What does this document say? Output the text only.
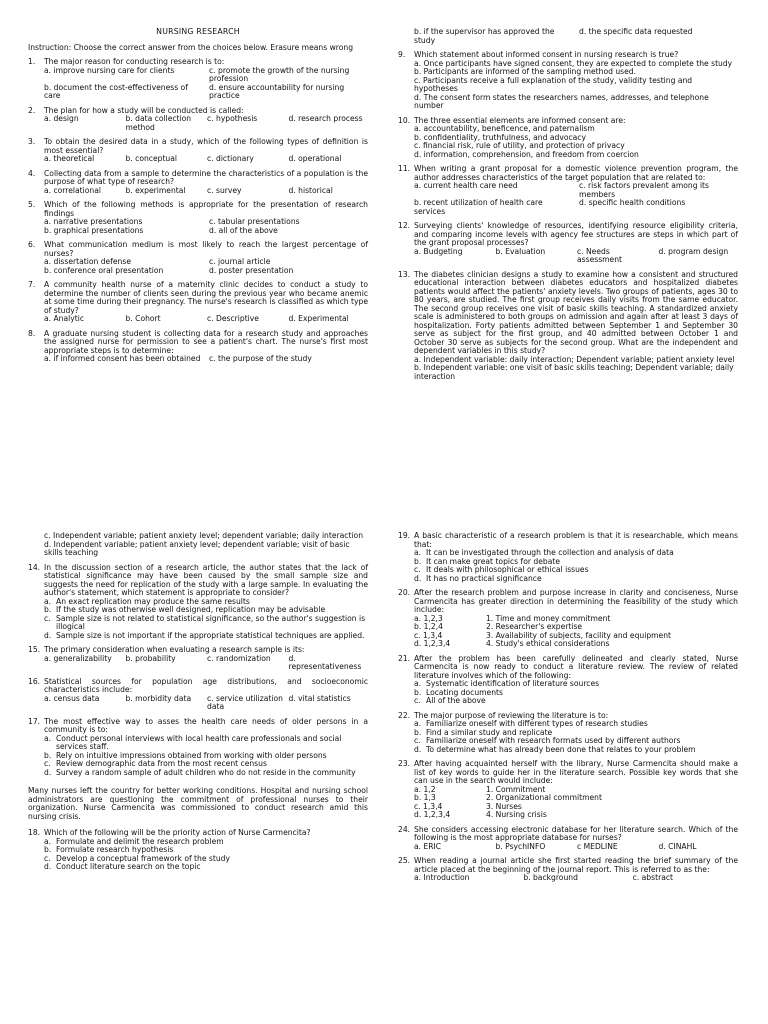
NURSING RESEARCH
Instruction: Choose the correct answer from the choices below. Erasure means wrong
1.	The major reason for conducting research is to:
a. improve nursing care for clients	c. promote the growth of the nursing profession
b. document the cost-effectiveness of care
d. ensure accountability for nursing practice
2.	The plan for how a study will be conducted is called:
a. design	b. data collection method
c. hypothesis	d. research process
3.	To obtain the desired data in a study, which of the following types of definition is most essential?
a. theoretical	b. conceptual	c. dictionary	d. operational
4.	Collecting data from a sample to determine the characteristics of a population is the purpose of what type of research?
a. correlational	b. experimental	c. survey	d. historical
5.	Which of the following methods is appropriate for the presentation of research findings
a. narrative presentations	c. tabular presentations
b. graphical presentations	d. all of the above
6.	What communication medium is most likely to reach the largest percentage of nurses?
a. dissertation defense	c. journal article
b. conference oral presentation	d. poster presentation
7.	A community health nurse of a maternity clinic decides to conduct a study to determine the number of clients seen during the previous year who became anemic at some time during their pregnancy. The nurse's research is classified as which type of study?
a. Analytic	b. Cohort	c. Descriptive	d. Experimental
8.	A graduate nursing student is collecting data for a research study and approaches the assigned nurse for permission to see a patient's chart. The nurse's first most appropriate steps is to determine:
a. if informed consent has been obtained	c. the purpose of the study
b. if the supervisor has approved the study
d. the specific data requested
9.	Which statement about informed consent in nursing research is true?
a. Once participants have signed consent, they are expected to complete the study
b. Participants are informed of the sampling method used.
c. Participants receive a full explanation of the study, validity testing and hypotheses
d. The consent form states the researchers names, addresses, and telephone number
10. The three essential elements are informed consent are:
a. accountability, beneficence, and paternalism
b. confidentiality, truthfulness, and advocacy
c. financial risk, rule of utility, and protection of privacy
d. information, comprehension, and freedom from coercion
11. When writing a grant proposal for a domestic violence prevention program, the author addresses characteristics of the target population that are related to:
a. current health care need	c. risk factors prevalent among its members
b. recent utilization of health care services
d. specific health conditions
12. Surveying clients' knowledge of resources, identifying resource eligibility criteria, and comparing income levels with agency fee structures are steps in which part of the grant proposal processes?
a. Budgeting	b. Evaluation	c. Needs assessment
d. program design
13. The diabetes clinician designs a study to examine how a consistent and structured educational interaction between diabetes educators and hospitalized diabetes patients would affect the patients' anxiety levels. Two groups of patients, ages 30 to 80 years, are studied. The first group receives daily visits from the same educator. The second group receives one visit of basic skills teaching. A standardized anxiety scale is administered to both groups on admission and again after at least 3 days of hospitalization. Forty patients admitted between September 1 and September 30 serve as subject for the first group, and 40 admitted between October 1 and October 30 serve as subjects for the second group. What are the independent and dependent variables in this study?
a. Independent variable: daily interaction; Dependent variable; patient anxiety level
b. Independent variable: one visit of basic skills teaching; Dependent variable; daily interaction
c. Independent variable; patient anxiety level; dependent variable; daily interaction
d. Independent variable; patient anxiety level; dependent variable; visit of basic skills teaching
14. In the discussion section of a research article, the author states that the lack of statistical significance may have been caused by the small sample size and suggests the need for replication of the study with a large sample. In evaluating the author's statement, which statement is appropriate to consider?
a. An exact replication may produce the same results
b. If the study was otherwise well designed, replication may be advisable
c. Sample size is not related to statistical significance, so the author's suggestion is illogical
d. Sample size is not important if the appropriate statistical techniques are applied.
15. The primary consideration when evaluating a research sample is its:
a. generalizability	b. probability	c. randomization	d. representativeness
16. Statistical sources for population age distributions, and socioeconomic characteristics include:
a. census data	b. morbidity data	c. service utilization data
d. vital statistics
17. The most effective way to asses the health care needs of older persons in a community is to:
a. Conduct personal interviews with local health care professionals and social services staff.
b. Rely on intuitive impressions obtained from working with older persons
c. Review demographic data from the most recent census
d. Survey a random sample of adult children who do not reside in the community
Many nurses left the country for better working conditions. Hospital and nursing school administrators are questioning the commitment of professional nurses to their organization. Nurse Carmencita was commissioned to conduct research amid this nursing crisis.
18. Which of the following will be the priority action of Nurse Carmencita?
a. Formulate and delimit the research problem
b. Formulate research hypothesis
c. Develop a conceptual framework of the study
d. Conduct literature search on the topic
19. A basic characteristic of a research problem is that it is researchable, which means that:
a. It can be investigated through the collection and analysis of data
b. It can make great topics for debate
c. It deals with philosophical or ethical issues
d. It has no practical significance
20. After the research problem and purpose increase in clarity and conciseness, Nurse Carmencita has greater direction in determining the feasibility of the study which include:
a. 1,2,3	1. Time and money commitment
b. 1,2,4	2. Researcher's expertise
c. 1,3,4	3. Availability of subjects, facility and equipment
d. 1,2,3,4	4. Study's ethical considerations
21. After the problem has been carefully delineated and clearly stated, Nurse Carmencita is now ready to conduct a literature review. The review of related literature involves which of the following:
a. Systematic identification of literature sources
b. Locating documents
c. All of the above
22. The major purpose of reviewing the literature is to:
a. Familiarize oneself with different types of research studies
b. Find a similar study and replicate
c. Familiarize oneself with research formats used by different authors
d. To determine what has already been done that relates to your problem
23. After having acquainted herself with the library, Nurse Carmencita should make a list of key words to guide her in the literature search. Possible key words that she can use in the search would include:
a. 1,2	1. Commitment
b. 1,3	2. Organizational commitment
c. 1,3,4	3. Nurses
d. 1,2,3,4	4. Nursing crisis
24. She considers accessing electronic database for her literature search. Which of the following is the most appropriate database for nurses?
a. ERIC	b. PsychINFO	c MEDLINE	d. CINAHL
25. When reading a journal article she first started reading the brief summary of the article placed at the beginning of the journal report. This is referred to as the:
a. Introduction	b. background	c. abstract
